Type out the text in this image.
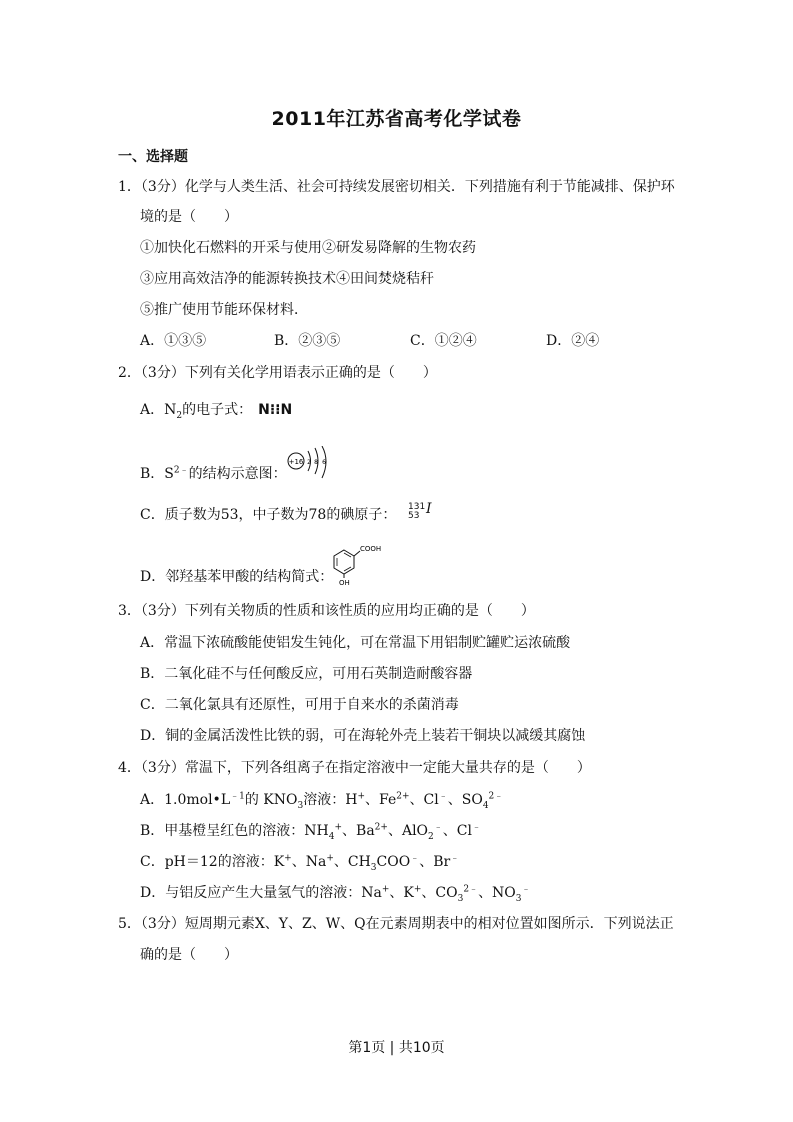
2011年江苏省高考化学试卷
一、选择题
1．（3分）化学与人类生活、社会可持续发展密切相关．下列措施有利于节能减排、保护环
境的是（　　）
①加快化石燃料的开采与使用②研发易降解的生物农药
③应用高效洁净的能源转换技术④田间焚烧秸秆
⑤推广使用节能环保材料．
A．①③⑤	B．②③⑤	C．①②④	D．②④
2．（3分）下列有关化学用语表示正确的是（　　）
A．$N_2$的电子式： N⁝⁝N
B．$S^{2﹣}$的结构示意图：
+16 2 8 6
C．质子数为53，中子数为78的碘原子： 131
53 I
D．邻羟基苯甲酸的结构简式：
COOH
OH
3．（3分）下列有关物质的性质和该性质的应用均正确的是（　　）
A．常温下浓硫酸能使铝发生钝化，可在常温下用铝制贮罐贮运浓硫酸
B．二氧化硅不与任何酸反应，可用石英制造耐酸容器
C．二氧化氯具有还原性，可用于自来水的杀菌消毒
D．铜的金属活泼性比铁的弱，可在海轮外壳上装若干铜块以减缓其腐蚀
4．（3分）常温下，下列各组离子在指定溶液中一定能大量共存的是（　　）
A．$1.0mol•L^{﹣1}$的 $KNO_3$溶液：H+、$Fe^{2+}$、Cl﹣、$SO_4^{2﹣}$
B．甲基橙呈红色的溶液：$NH_4^+$、$Ba^{2+}$、AlO$_2$﹣、Cl﹣
C．pH＝12的溶液：K+、Na+、$CH_3COO^﹣$、Br﹣
D．与铝反应产生大量氢气的溶液：Na+、K+、$CO_3^{2﹣}$、$NO_3^﹣$
5．（3分）短周期元素X、Y、Z、W、Q在元素周期表中的相对位置如图所示．下列说法正
确的是（　　）
第1页 | 共10页
